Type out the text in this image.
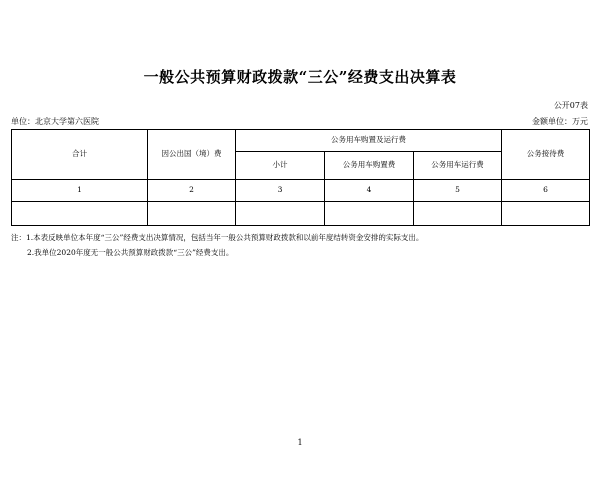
一般公共预算财政拨款“三公”经费支出决算表
公开07表
单位：北京大学第六医院	金额单位：万元
合计	因公出国（境）费	公务用车购置及运行费			公务接待费
		小计	公务用车购置费	公务用车运行费	
1	2	3	4	5	6

注：1.本表反映单位本年度“三公”经费支出决算情况，包括当年一般公共预算财政拨款和以前年度结转资金安排的实际支出。
2.我单位2020年度无一般公共预算财政拨款“三公”经费支出。
1
